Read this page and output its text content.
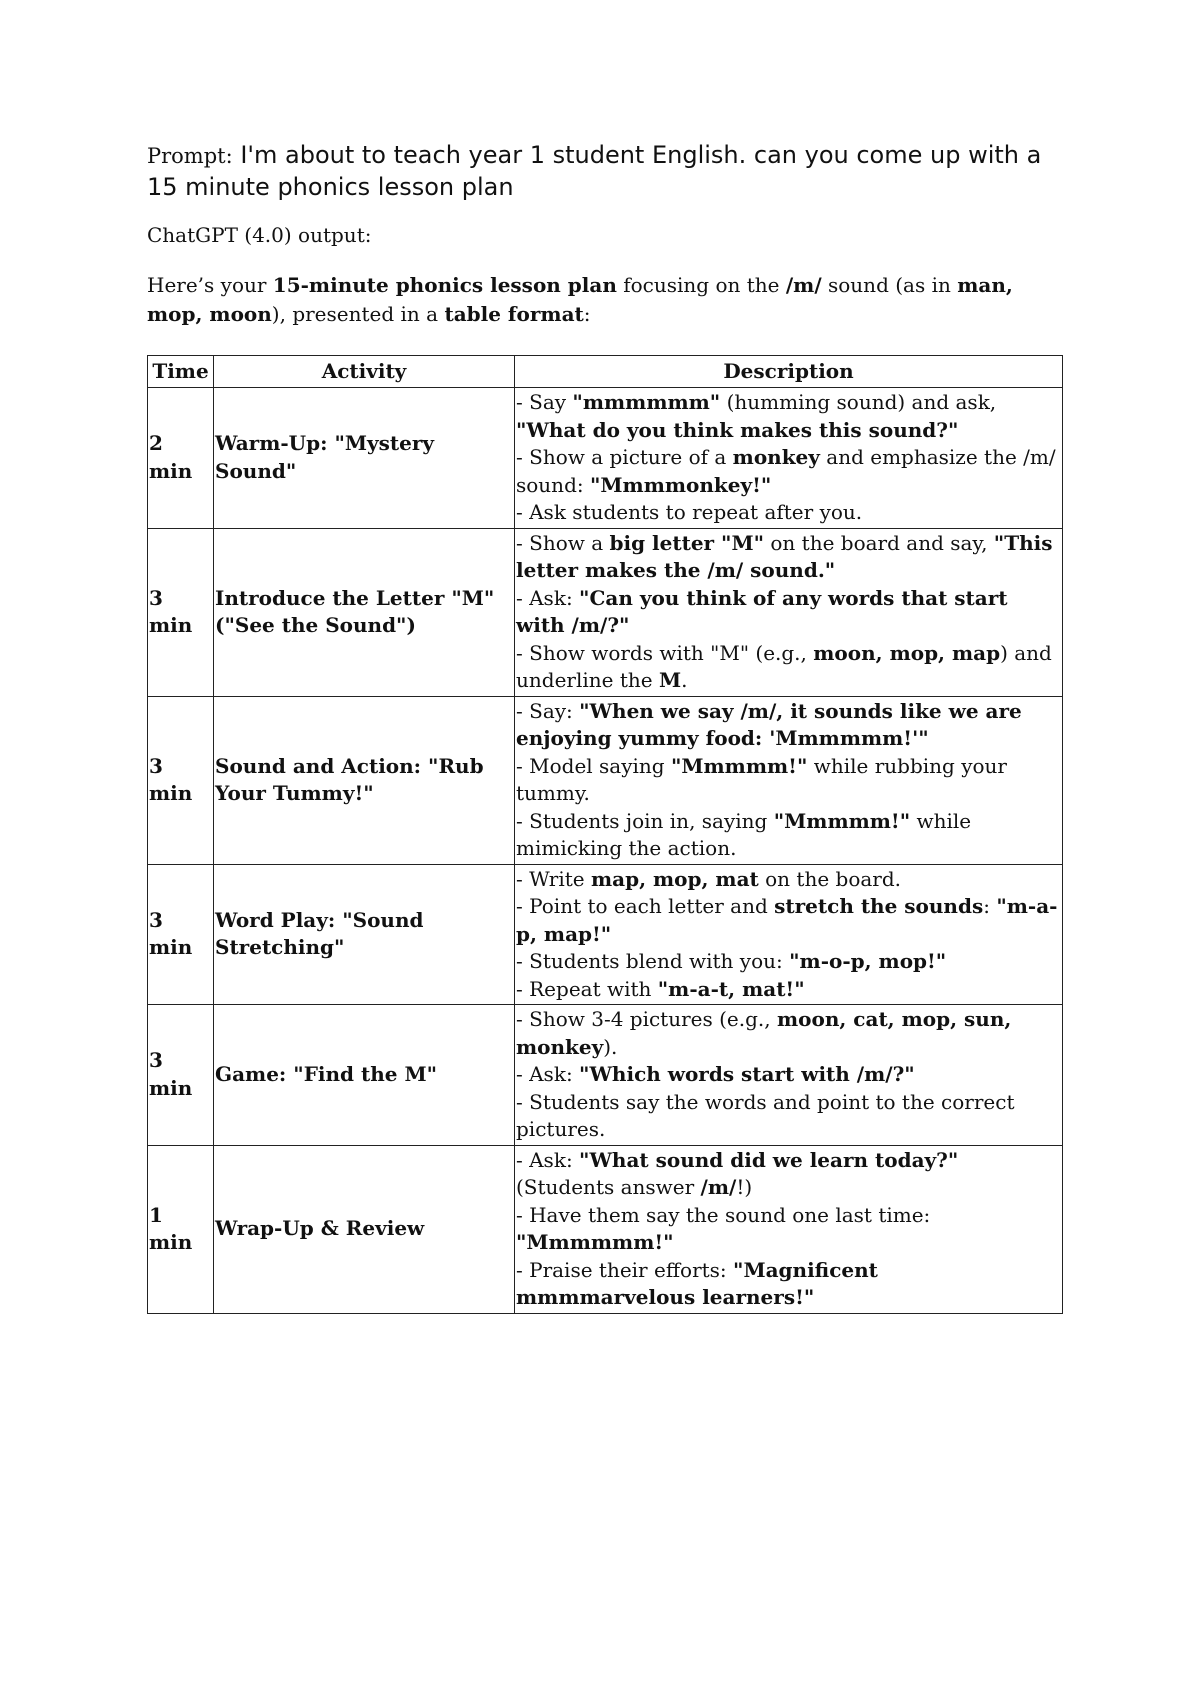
Prompt: I'm about to teach year 1 student English. can you come up with a 15 minute phonics lesson plan

ChatGPT (4.0) output:

Here’s your 15-minute phonics lesson plan focusing on the /m/ sound (as in man, mop, moon), presented in a table format:

Time	Activity	Description
2 min	Warm-Up: "Mystery Sound"	- Say "mmmmmm" (humming sound) and ask, "What do you think makes this sound?"
- Show a picture of a monkey and emphasize the /m/ sound: "Mmmmonkey!"
- Ask students to repeat after you.

3 min	Introduce the Letter "M" ("See the Sound")	- Show a big letter "M" on the board and say, "This letter makes the /m/ sound."
- Ask: "Can you think of any words that start with /m/?"
- Show words with "M" (e.g., moon, mop, map) and underline the M.

3 min	Sound and Action: "Rub Your Tummy!"	- Say: "When we say /m/, it sounds like we are enjoying yummy food: 'Mmmmmm!'"
- Model saying "Mmmmm!" while rubbing your tummy.
- Students join in, saying "Mmmmm!" while mimicking the action.

3 min	Word Play: "Sound Stretching"	- Write map, mop, mat on the board.
- Point to each letter and stretch the sounds: "m-a-p, map!"
- Students blend with you: "m-o-p, mop!"
- Repeat with "m-a-t, mat!"

3 min	Game: "Find the M"	- Show 3-4 pictures (e.g., moon, cat, mop, sun, monkey).
- Ask: "Which words start with /m/?"
- Students say the words and point to the correct pictures.

1 min	Wrap-Up & Review	- Ask: "What sound did we learn today?" (Students answer /m/!)
- Have them say the sound one last time: "Mmmmmm!"
- Praise their efforts: "Magnificent mmmmarvelous learners!"
